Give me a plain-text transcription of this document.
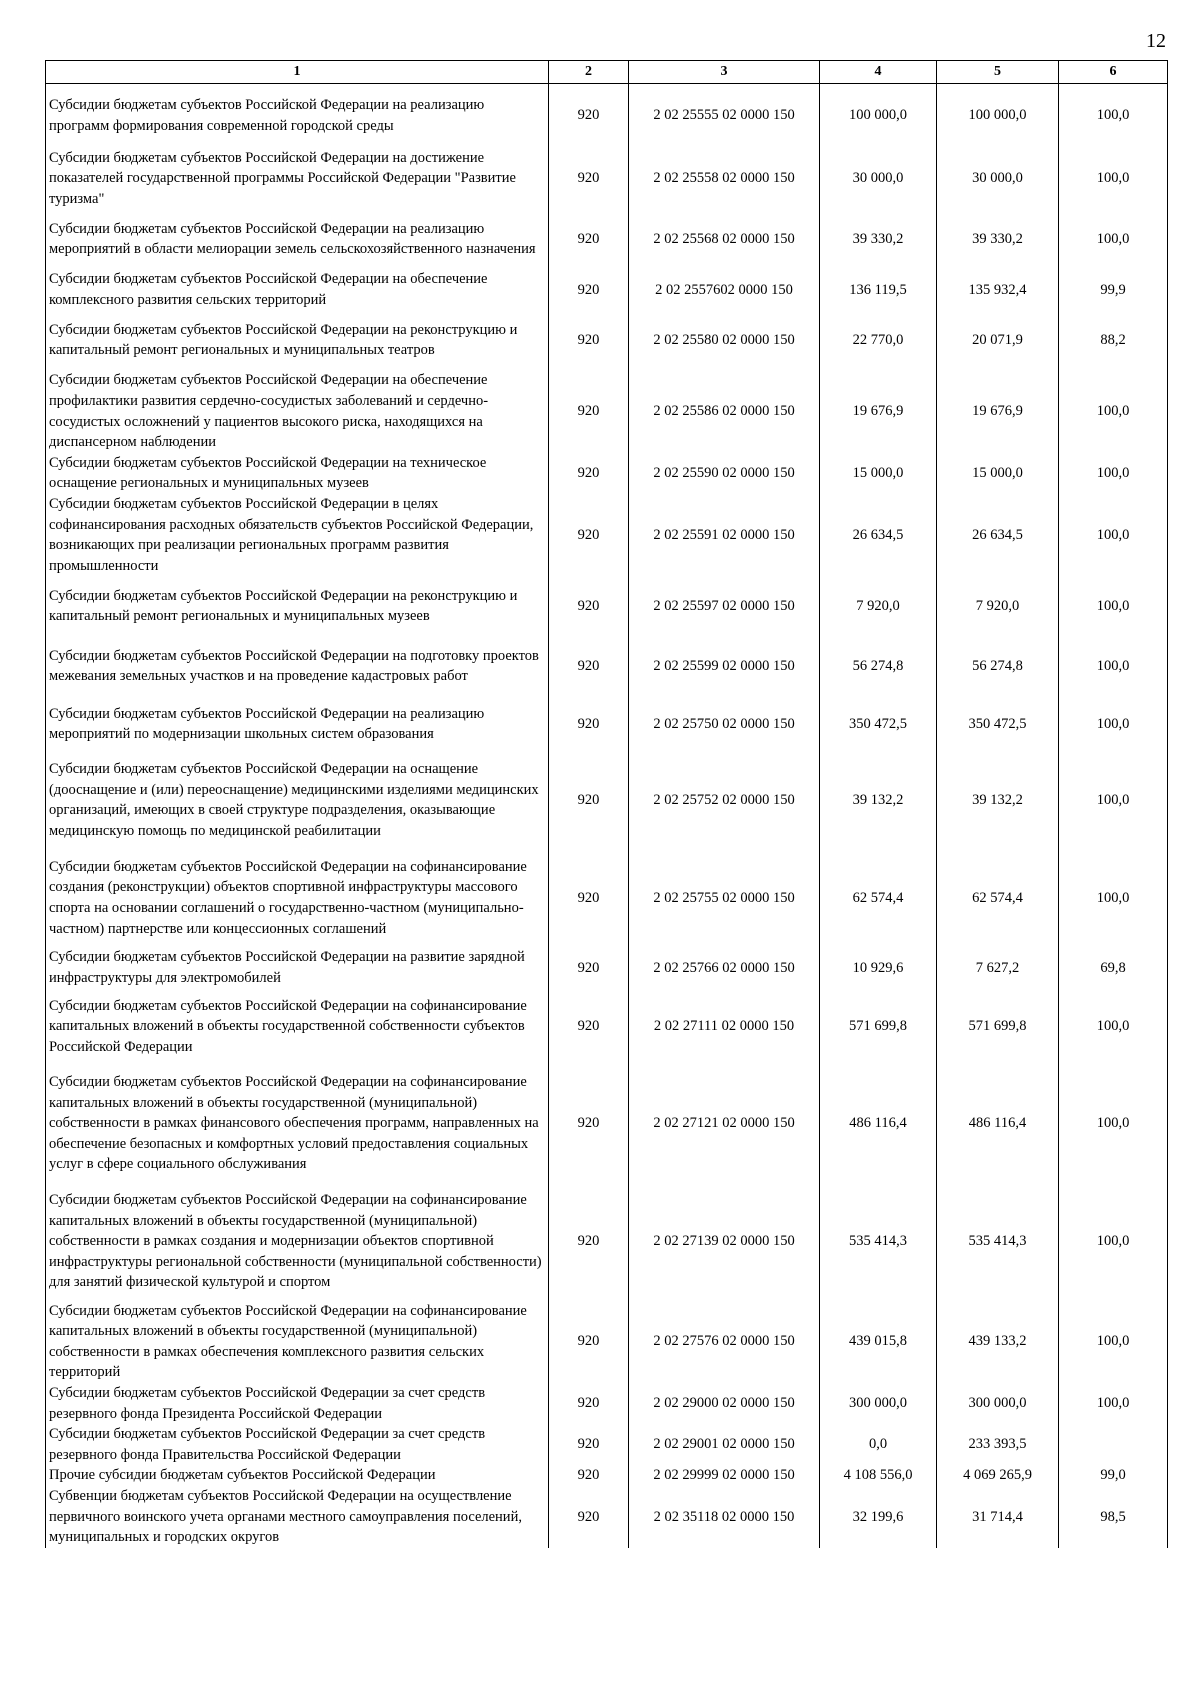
12
1	2	3	4	5	6
Субсидии бюджетам субъектов Российской Федерации на реализацию программ формирования современной городской среды	920	2 02 25555 02 0000 150	100 000,0	100 000,0	100,0
Субсидии бюджетам субъектов Российской Федерации на достижение показателей государственной программы Российской Федерации "Развитие туризма"	920	2 02 25558 02 0000 150	30 000,0	30 000,0	100,0
Субсидии бюджетам субъектов Российской Федерации на реализацию мероприятий в области мелиорации земель сельскохозяйственного назначения	920	2 02 25568 02 0000 150	39 330,2	39 330,2	100,0
Субсидии бюджетам субъектов Российской Федерации на обеспечение комплексного развития сельских территорий	920	2 02 2557602 0000 150	136 119,5	135 932,4	99,9
Субсидии бюджетам субъектов Российской Федерации на реконструкцию и капитальный ремонт региональных и муниципальных театров	920	2 02 25580 02 0000 150	22 770,0	20 071,9	88,2
Субсидии бюджетам субъектов Российской Федерации на обеспечение профилактики развития сердечно-сосудистых заболеваний и сердечно-сосудистых осложнений у пациентов высокого риска, находящихся на диспансерном наблюдении	920	2 02 25586 02 0000 150	19 676,9	19 676,9	100,0
Субсидии бюджетам субъектов Российской Федерации на техническое оснащение региональных и муниципальных музеев	920	2 02 25590 02 0000 150	15 000,0	15 000,0	100,0
Субсидии бюджетам субъектов Российской Федерации в целях софинансирования расходных обязательств субъектов Российской Федерации, возникающих при реализации региональных программ развития промышленности	920	2 02 25591 02 0000 150	26 634,5	26 634,5	100,0
Субсидии бюджетам субъектов Российской Федерации на реконструкцию и капитальный ремонт региональных и муниципальных музеев	920	2 02 25597 02 0000 150	7 920,0	7 920,0	100,0
Субсидии бюджетам субъектов Российской Федерации на подготовку проектов межевания земельных участков и на проведение кадастровых работ	920	2 02 25599 02 0000 150	56 274,8	56 274,8	100,0
Субсидии бюджетам субъектов Российской Федерации на реализацию мероприятий по модернизации школьных систем образования	920	2 02 25750 02 0000 150	350 472,5	350 472,5	100,0
Субсидии бюджетам субъектов Российской Федерации на оснащение (дооснащение и (или) переоснащение) медицинскими изделиями медицинских организаций, имеющих в своей структуре подразделения, оказывающие медицинскую помощь по медицинской реабилитации	920	2 02 25752 02 0000 150	39 132,2	39 132,2	100,0
Субсидии бюджетам субъектов Российской Федерации на софинансирование создания (реконструкции) объектов спортивной инфраструктуры массового спорта на основании соглашений о государственно-частном (муниципально-частном) партнерстве или концессионных соглашений	920	2 02 25755 02 0000 150	62 574,4	62 574,4	100,0
Субсидии бюджетам субъектов Российской Федерации на развитие зарядной инфраструктуры для электромобилей	920	2 02 25766 02 0000 150	10 929,6	7 627,2	69,8
Субсидии бюджетам субъектов Российской Федерации на софинансирование капитальных вложений в объекты государственной собственности субъектов Российской Федерации	920	2 02 27111 02 0000 150	571 699,8	571 699,8	100,0
Субсидии бюджетам субъектов Российской Федерации на софинансирование капитальных вложений в объекты государственной (муниципальной) собственности в рамках финансового обеспечения программ, направленных на обеспечение безопасных и комфортных условий предоставления социальных услуг в сфере социального обслуживания	920	2 02 27121 02 0000 150	486 116,4	486 116,4	100,0
Субсидии бюджетам субъектов Российской Федерации на софинансирование капитальных вложений в объекты государственной (муниципальной) собственности в рамках создания и модернизации объектов спортивной инфраструктуры региональной собственности (муниципальной собственности) для занятий физической культурой и спортом	920	2 02 27139 02 0000 150	535 414,3	535 414,3	100,0
Субсидии бюджетам субъектов Российской Федерации на софинансирование капитальных вложений в объекты государственной (муниципальной) собственности в рамках обеспечения комплексного развития сельских территорий	920	2 02 27576 02 0000 150	439 015,8	439 133,2	100,0
Субсидии бюджетам субъектов Российской Федерации за счет средств резервного фонда Президента Российской Федерации	920	2 02 29000 02 0000 150	300 000,0	300 000,0	100,0
Субсидии бюджетам субъектов Российской Федерации за счет средств резервного фонда Правительства Российской Федерации	920	2 02 29001 02 0000 150	0,0	233 393,5	
Прочие субсидии бюджетам субъектов Российской Федерации	920	2 02 29999 02 0000 150	4 108 556,0	4 069 265,9	99,0
Субвенции бюджетам субъектов Российской Федерации на осуществление первичного воинского учета органами местного самоуправления поселений, муниципальных и городских округов	920	2 02 35118 02 0000 150	32 199,6	31 714,4	98,5
